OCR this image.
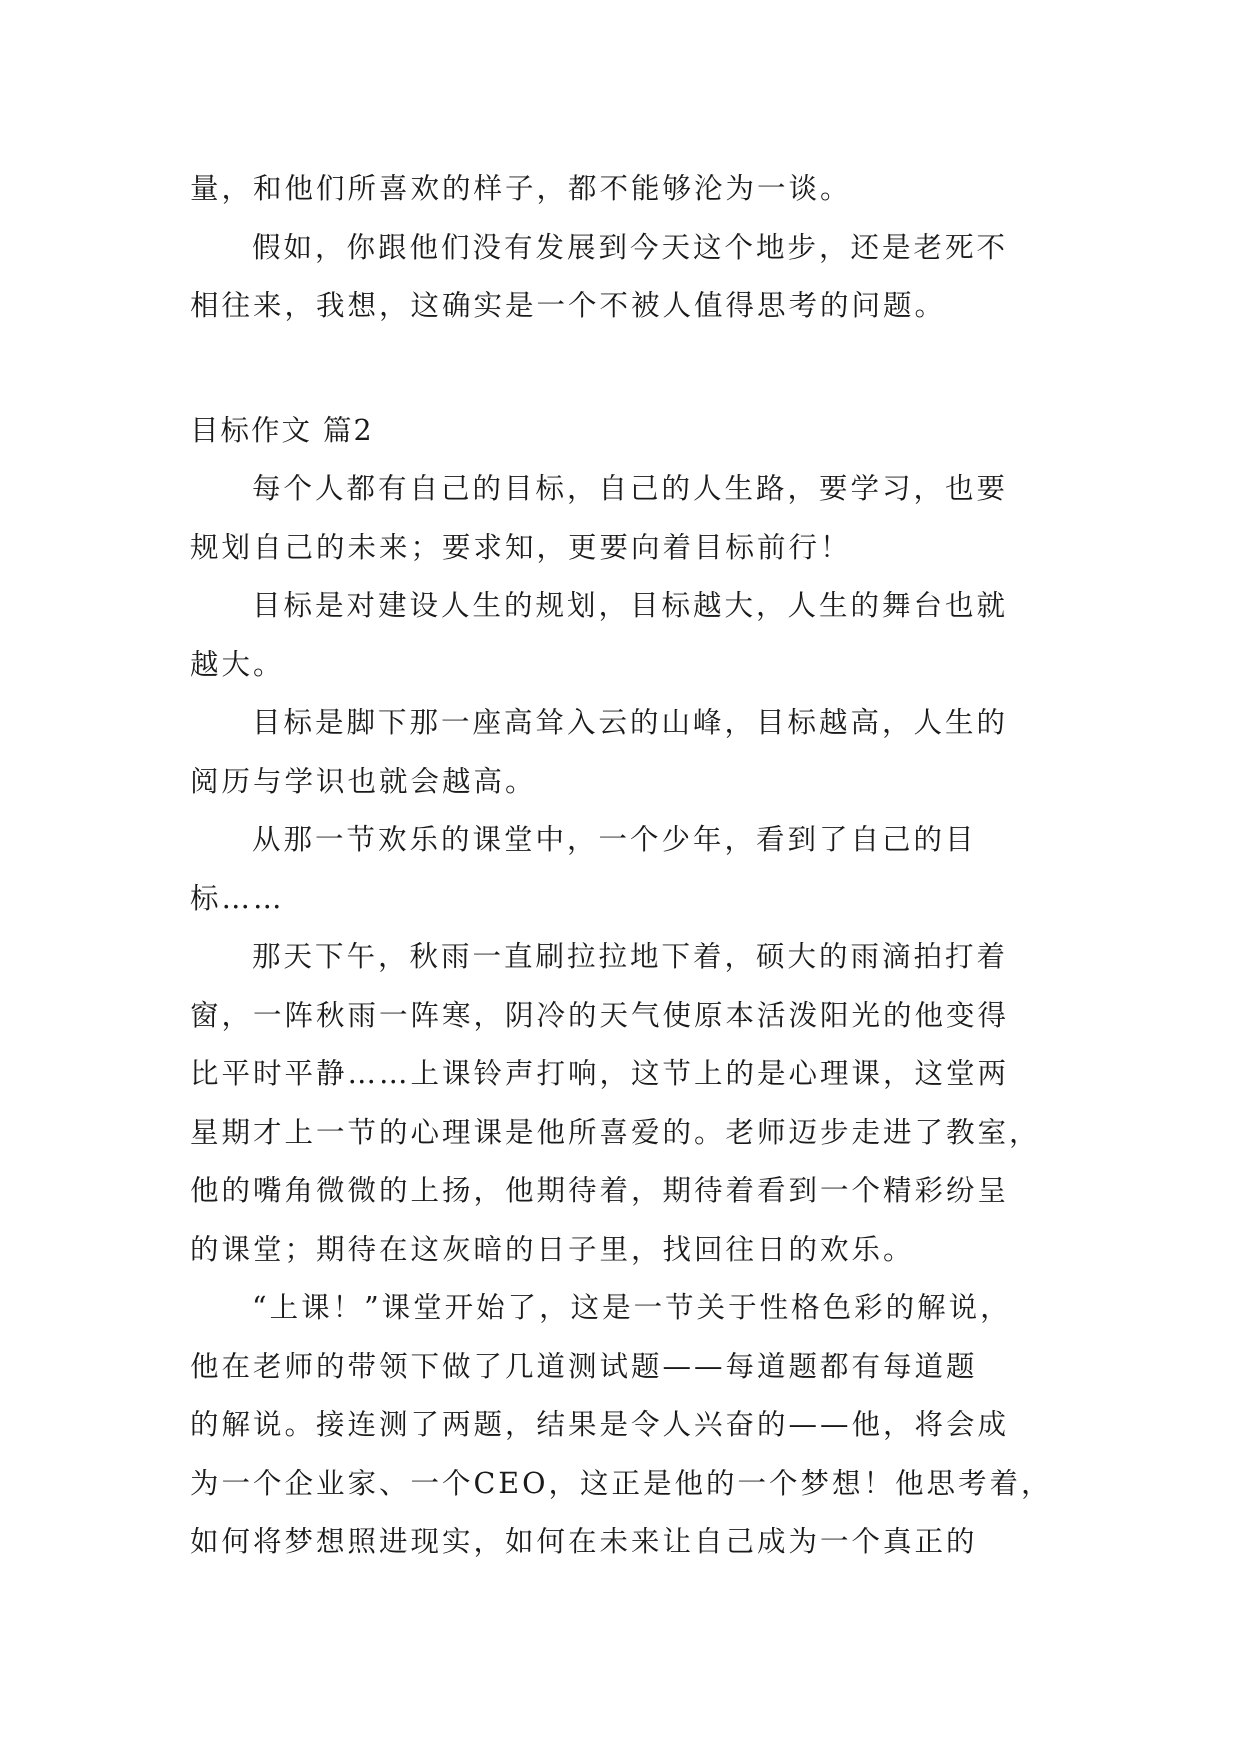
量，和他们所喜欢的样子，都不能够沦为一谈。
假如，你跟他们没有发展到今天这个地步，还是老死不
相往来，我想，这确实是一个不被人值得思考的问题。
目标作文 篇2
每个人都有自己的目标，自己的人生路，要学习，也要
规划自己的未来；要求知，更要向着目标前行！
目标是对建设人生的规划，目标越大，人生的舞台也就
越大。
目标是脚下那一座高耸入云的山峰，目标越高，人生的
阅历与学识也就会越高。
从那一节欢乐的课堂中，一个少年，看到了自己的目
标……
那天下午，秋雨一直刷拉拉地下着，硕大的雨滴拍打着
窗，一阵秋雨一阵寒，阴冷的天气使原本活泼阳光的他变得
比平时平静……上课铃声打响，这节上的是心理课，这堂两
星期才上一节的心理课是他所喜爱的。老师迈步走进了教室，
他的嘴角微微的上扬，他期待着，期待着看到一个精彩纷呈
的课堂；期待在这灰暗的日子里，找回往日的欢乐。
“上课！”课堂开始了，这是一节关于性格色彩的解说，
他在老师的带领下做了几道测试题——每道题都有每道题
的解说。接连测了两题，结果是令人兴奋的——他，将会成
为一个企业家、一个CEO，这正是他的一个梦想！他思考着，
如何将梦想照进现实，如何在未来让自己成为一个真正的
